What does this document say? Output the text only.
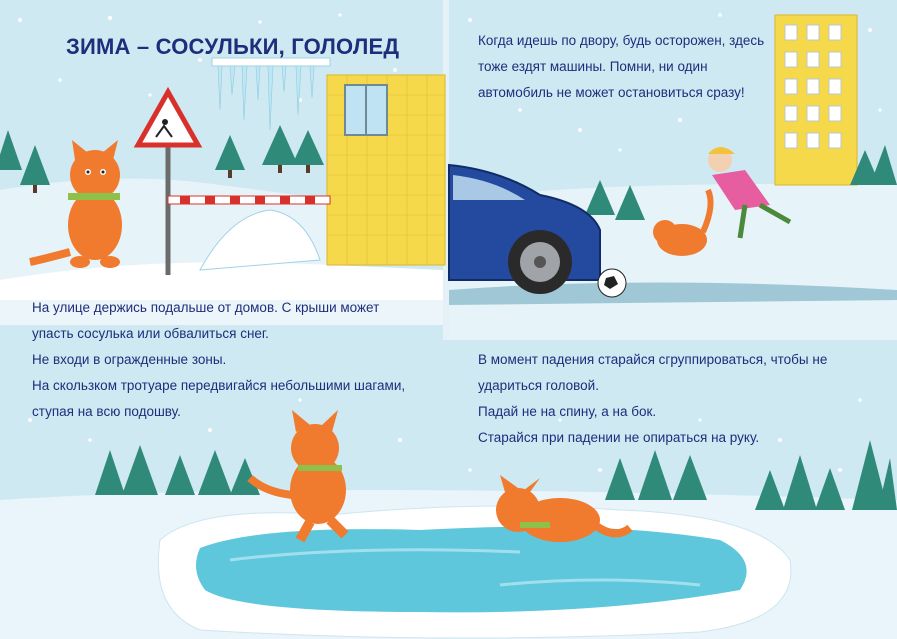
ЗИМА – СОСУЛЬКИ, ГОЛОЛЕД	Когда идешь по двору, будь осторожен, здесь

тоже ездят машины. Помни, ни один

автомобиль не может остановиться сразу!

На улице держись подальше от домов. С крыши может

упасть сосулька или обвалиться снег.

Не входи в огражденные зоны.

На скользком тротуаре передвигайся небольшими шагами,

ступая на всю подошву.

В момент падения старайся сгруппироваться, чтобы не

удариться головой.

Падай не на спину, а на бок.

Старайся при падении не опираться на руку.
